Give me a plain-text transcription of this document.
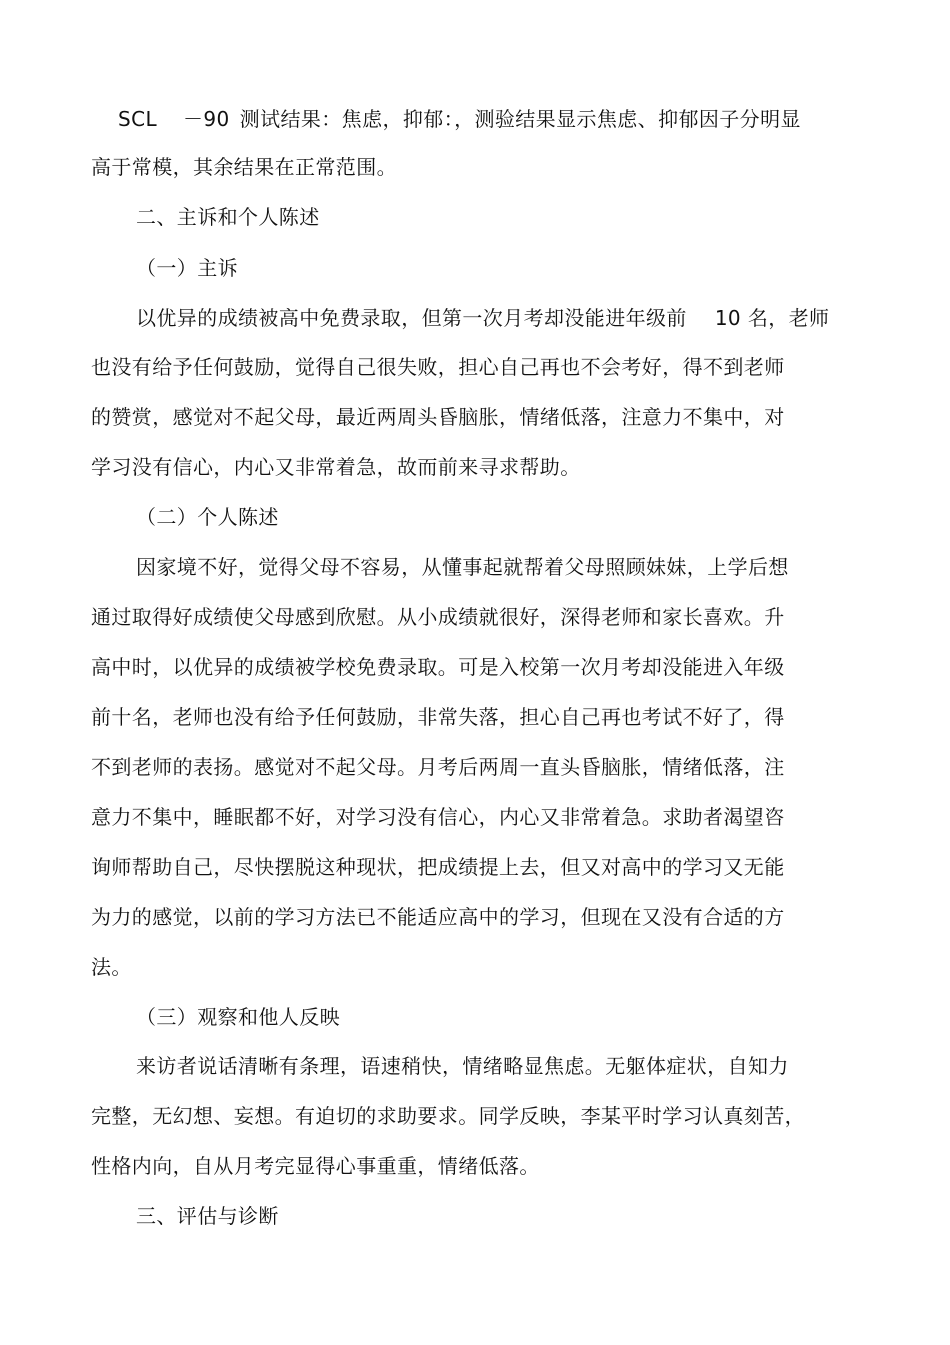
SCL －90 测试结果：焦虑，抑郁：，测验结果显示焦虑、抑郁因子分明显
高于常模，其余结果在正常范围。
二、主诉和个人陈述
（一）主诉
以优异的成绩被高中免费录取，但第一次月考却没能进年级前 10 名，老师
也没有给予任何鼓励，觉得自己很失败，担心自己再也不会考好，得不到老师
的赞赏，感觉对不起父母，最近两周头昏脑胀，情绪低落，注意力不集中，对
学习没有信心，内心又非常着急，故而前来寻求帮助。
（二）个人陈述
因家境不好，觉得父母不容易，从懂事起就帮着父母照顾妹妹，上学后想
通过取得好成绩使父母感到欣慰。从小成绩就很好，深得老师和家长喜欢。升
高中时，以优异的成绩被学校免费录取。可是入校第一次月考却没能进入年级
前十名，老师也没有给予任何鼓励，非常失落，担心自己再也考试不好了，得
不到老师的表扬。感觉对不起父母。月考后两周一直头昏脑胀，情绪低落，注
意力不集中，睡眠都不好，对学习没有信心，内心又非常着急。求助者渴望咨
询师帮助自己，尽快摆脱这种现状，把成绩提上去，但又对高中的学习又无能
为力的感觉，以前的学习方法已不能适应高中的学习，但现在又没有合适的方
法。
（三）观察和他人反映
来访者说话清晰有条理，语速稍快，情绪略显焦虑。无躯体症状，自知力
完整，无幻想、妄想。有迫切的求助要求。同学反映，李某平时学习认真刻苦，
性格内向，自从月考完显得心事重重，情绪低落。
三、评估与诊断
